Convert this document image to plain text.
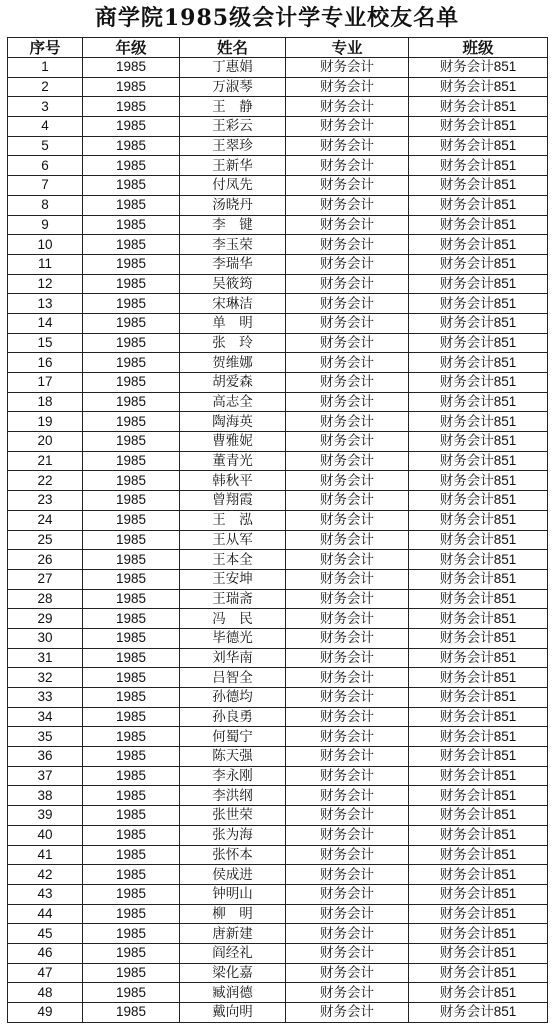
商学院1985级会计学专业校友名单
序号	年级	姓名	专业	班级
1	1985	丁惠娟	财务会计	财务会计851
2	1985	万淑琴	财务会计	财务会计851
3	1985	王　静	财务会计	财务会计851
4	1985	王彩云	财务会计	财务会计851
5	1985	王翠珍	财务会计	财务会计851
6	1985	王新华	财务会计	财务会计851
7	1985	付凤先	财务会计	财务会计851
8	1985	汤晓丹	财务会计	财务会计851
9	1985	李　键	财务会计	财务会计851
10	1985	李玉荣	财务会计	财务会计851
11	1985	李瑞华	财务会计	财务会计851
12	1985	吴筱筠	财务会计	财务会计851
13	1985	宋琳洁	财务会计	财务会计851
14	1985	单　明	财务会计	财务会计851
15	1985	张　玲	财务会计	财务会计851
16	1985	贺维娜	财务会计	财务会计851
17	1985	胡爱森	财务会计	财务会计851
18	1985	高志全	财务会计	财务会计851
19	1985	陶海英	财务会计	财务会计851
20	1985	曹雅妮	财务会计	财务会计851
21	1985	董青光	财务会计	财务会计851
22	1985	韩秋平	财务会计	财务会计851
23	1985	曾翔霞	财务会计	财务会计851
24	1985	王　泓	财务会计	财务会计851
25	1985	王从军	财务会计	财务会计851
26	1985	王本全	财务会计	财务会计851
27	1985	王安坤	财务会计	财务会计851
28	1985	王瑞斋	财务会计	财务会计851
29	1985	冯　民	财务会计	财务会计851
30	1985	毕德光	财务会计	财务会计851
31	1985	刘华南	财务会计	财务会计851
32	1985	吕智全	财务会计	财务会计851
33	1985	孙德均	财务会计	财务会计851
34	1985	孙良勇	财务会计	财务会计851
35	1985	何蜀宁	财务会计	财务会计851
36	1985	陈天强	财务会计	财务会计851
37	1985	李永刚	财务会计	财务会计851
38	1985	李洪纲	财务会计	财务会计851
39	1985	张世荣	财务会计	财务会计851
40	1985	张为海	财务会计	财务会计851
41	1985	张怀本	财务会计	财务会计851
42	1985	侯成进	财务会计	财务会计851
43	1985	钟明山	财务会计	财务会计851
44	1985	柳　明	财务会计	财务会计851
45	1985	唐新建	财务会计	财务会计851
46	1985	阎经礼	财务会计	财务会计851
47	1985	梁化嘉	财务会计	财务会计851
48	1985	臧润德	财务会计	财务会计851
49	1985	戴向明	财务会计	财务会计851
